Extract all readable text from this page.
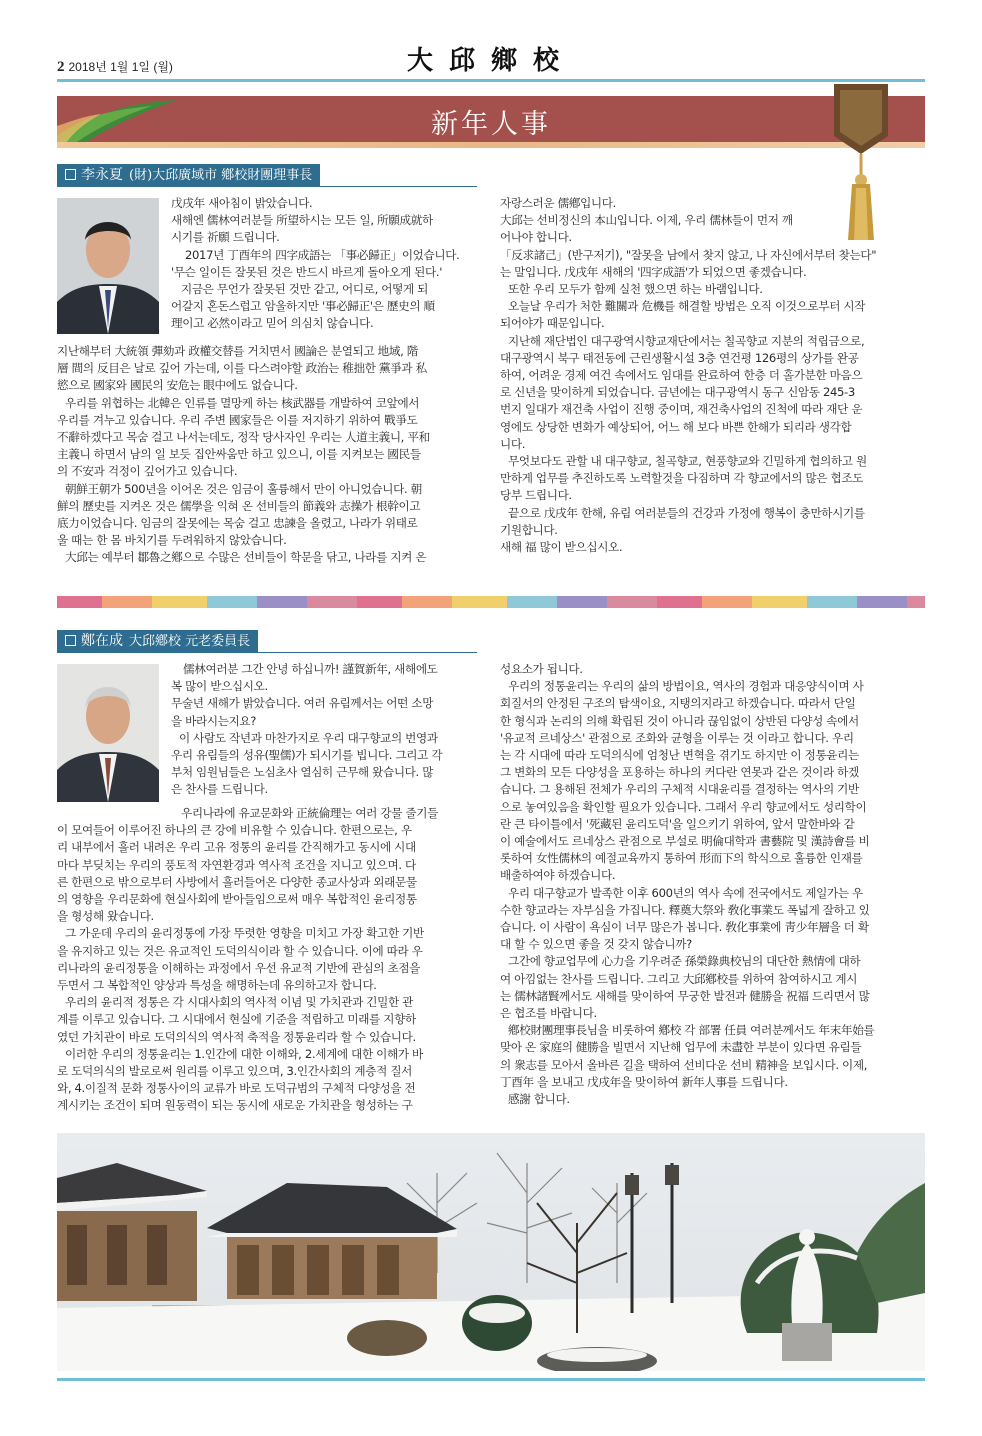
2 2018년 1월 1일 (월)	大邱鄉校
新年人事
李永夏 (財)大邱廣域市 鄕校財團理事長

戊戌年 새아침이 밝았습니다.

새해엔 儒林여러분들 所望하시는 모든 일, 所願成就하

시기를 祈願 드립니다.

2017년 丁酉年의 四字成語는 「事必歸正」이었습니다.

'무슨 일이든 잘못된 것은 반드시 바르게 돌아오게 된다.'

지금은 무언가 잘못된 것만 같고, 어디로, 어떻게 되

어갈지 혼돈스럽고 암울하지만 '事必歸正'은 歷史의 順

理이고 必然이라고 믿어 의심치 않습니다.

지난해부터 大統領 彈劾과 政權交替를 거치면서 國論은 분열되고 地域, 階

層 間의 反目은 날로 깊어 가는데, 이를 다스려야할 政治는 稚拙한 黨爭과 私

慾으로 國家와 國民의 安危는 眼中에도 없습니다.

우리를 위협하는 北韓은 인류를 멸망케 하는 核武器를 개발하여 코앞에서

우리를 겨누고 있습니다. 우리 주변 國家들은 이를 저지하기 위하여 戰爭도

不辭하겠다고 목숨 걸고 나서는데도, 정작 당사자인 우리는 人道主義니, 平和

主義니 하면서 남의 일 보듯 집안싸움만 하고 있으니, 이를 지켜보는 國民들

의 不安과 걱정이 깊어가고 있습니다.

朝鮮王朝가 500년을 이어온 것은 임금이 훌륭해서 만이 아니었습니다. 朝

鮮의 歷史를 지켜온 것은 儒學을 익혀 온 선비들의 節義와 志操가 根幹이고

底力이었습니다. 임금의 잘못에는 목숨 걸고 忠諫을 올렸고, 나라가 위태로

울 때는 한 몸 바치기를 두려워하지 않았습니다.

大邱는 예부터 鄒魯之鄕으로 수많은 선비들이 학문을 닦고, 나라를 지켜 온

자랑스러운 儒鄕입니다.

大邱는 선비정신의 本山입니다. 이제, 우리 儒林들이 먼저 깨

어나야 합니다.

「反求諸己」(반구저기), "잘못을 남에서 찾지 않고, 나 자신에서부터 찾는다"

는 말입니다. 戊戌年 새해의 '四字成語'가 되었으면 좋겠습니다.

또한 우리 모두가 함께 실천 했으면 하는 바램입니다.

오늘날 우리가 처한 難關과 危機를 해결할 방법은 오직 이것으로부터 시작

되어야가 때문입니다.

지난해 재단법인 대구광역시향교재단에서는 칠곡향교 지분의 적립금으로,

대구광역시 북구 태전동에 근린생활시설 3층 연건평 126평의 상가를 완공

하여, 어려운 경제 여건 속에서도 임대를 완료하여 한층 더 홀가분한 마음으

로 신년을 맞이하게 되었습니다. 금년에는 대구광역시 동구 신암동 245-3

번지 일대가 재건축 사업이 진행 중이며, 재건축사업의 진척에 따라 재단 운

영에도 상당한 변화가 예상되어, 어느 해 보다 바쁜 한해가 되리라 생각합

니다.

무엇보다도 관할 내 대구향교, 칠곡향교, 현풍향교와 긴밀하게 협의하고 원

만하게 업무를 추진하도록 노력할것을 다짐하며 각 향교에서의 많은 협조도

당부 드립니다.

끝으로 戊戌年 한해, 유림 여러분들의 건강과 가정에 행복이 충만하시기를

기원합니다.

새해 福 많이 받으십시오.

鄭在成 大邱鄕校 元老委員長

儒林여러분 그간 안녕 하십니까! 謹賀新年, 새해에도

복 많이 받으십시오.

무술년 새해가 밝았습니다. 여러 유림께서는 어떤 소망

을 바라시는지요?

이 사람도 작년과 마찬가지로 우리 대구향교의 번영과

우리 유림들의 성유(聖儒)가 되시기를 빕니다. 그리고 각

부처 임원님들은 노심초사 열심히 근무해 왔습니다. 많

은 찬사를 드립니다.

우리나라에 유교문화와 正統倫理는 여러 강물 줄기들

이 모여들어 이루어진 하나의 큰 강에 비유할 수 있습니다. 한편으로는, 우

리 내부에서 흘러 내려온 우리 고유 정통의 윤리를 간직해가고 동시에 시대

마다 부딪치는 우리의 풍토적 자연환경과 역사적 조건을 지니고 있으며. 다

른 한편으로 밖으로부터 사방에서 흘러들어온 다양한 종교사상과 외래문물

의 영향을 우리문화에 현실사회에 받아들임으로써 매우 복합적인 윤리정통

을 형성해 왔습니다.

그 가운데 우리의 윤리정통에 가장 뚜렷한 영향을 미치고 가장 확고한 기반

을 유지하고 있는 것은 유교적인 도덕의식이라 할 수 있습니다. 이에 따라 우

리나라의 윤리정통을 이해하는 과정에서 우선 유교적 기반에 관심의 초점을

두면서 그 복합적인 양상과 특성을 해명하는데 유의하고자 합니다.

우리의 윤리적 정통은 각 시대사회의 역사적 이념 및 가치관과 긴밀한 관

계를 이루고 있습니다. 그 시대에서 현실에 기준을 적립하고 미래를 지향하

였던 가치관이 바로 도덕의식의 역사적 축적을 정통윤리라 할 수 있습니다.

이러한 우리의 정통윤리는 1.인간에 대한 이해와, 2.세계에 대한 이해가 바

로 도덕의식의 발로로써 원리를 이루고 있으며, 3.인간사회의 계층적 질서

와, 4.이질적 문화 정통사이의 교류가 바로 도덕규범의 구체적 다양성을 전

계시키는 조건이 되며 원동력이 되는 동시에 새로운 가치관을 형성하는 구

성요소가 됩니다.

우리의 정통윤리는 우리의 삶의 방법이요, 역사의 경험과 대응양식이며 사

회질서의 안정된 구조의 탐색이요, 지탱의지라고 하겠습니다. 따라서 단일

한 형식과 논리의 의해 확립된 것이 아니라 끊임없이 상반된 다양성 속에서

'유교적 르네상스' 관점으로 조화와 균형을 이루는 것 이라고 합니다. 우리

는 각 시대에 따라 도덕의식에 엄청난 변혁을 겪기도 하지만 이 정통윤리는

그 변화의 모든 다양성을 포용하는 하나의 커다란 연못과 같은 것이라 하겠

습니다. 그 용해된 전체가 우리의 구체적 시대윤리를 결정하는 역사의 기반

으로 놓여있음을 확인할 필요가 있습니다. 그래서 우리 향교에서도 성리학이

란 큰 타이틀에서 '死藏된 윤리도덕'을 일으키기 위하여, 앞서 말한바와 같

이 예술에서도 르네상스 관점으로 부설로 明倫대학과 書藝院 및 漢詩會를 비

롯하여 女性儒林의 예절교육까지 통하여 形而下의 학식으로 훌륭한 인재를

배출하여야 하겠습니다.

우리 대구향교가 발족한 이후 600년의 역사 속에 전국에서도 제일가는 우

수한 향교라는 자부심을 가집니다. 釋奠大祭와 敎化事業도 폭넓게 잘하고 있

습니다. 이 사람이 욕심이 너무 많은가 봅니다. 敎化事業에 靑少年層을 더 확

대 할 수 있으면 좋을 것 갖지 않습니까?

그간에 향교업무에 心力을 기우려준 孫榮錄典校님의 대단한 熱情에 대하

여 아낌없는 찬사를 드립니다. 그리고 大邱鄕校를 위하여 참여하시고 계시

는 儒林諸賢께서도 새해를 맞이하여 무궁한 발전과 健勝을 祝福 드리면서 많

은 협조를 바랍니다.

鄕校財團理事長님을 비롯하여 鄕校 각 部署 任員 여러분께서도 年末年始를

맞아 온 家庭의 健勝을 빌면서 지난해 업무에 未盡한 부분이 있다면 유림들

의 衆志를 모아서 올바른 길을 택하여 선비다운 선비 精神을 보입시다. 이제,

丁酉年 을 보내고 戊戌年을 맞이하여 新年人事를 드립니다.

感謝 합니다.
